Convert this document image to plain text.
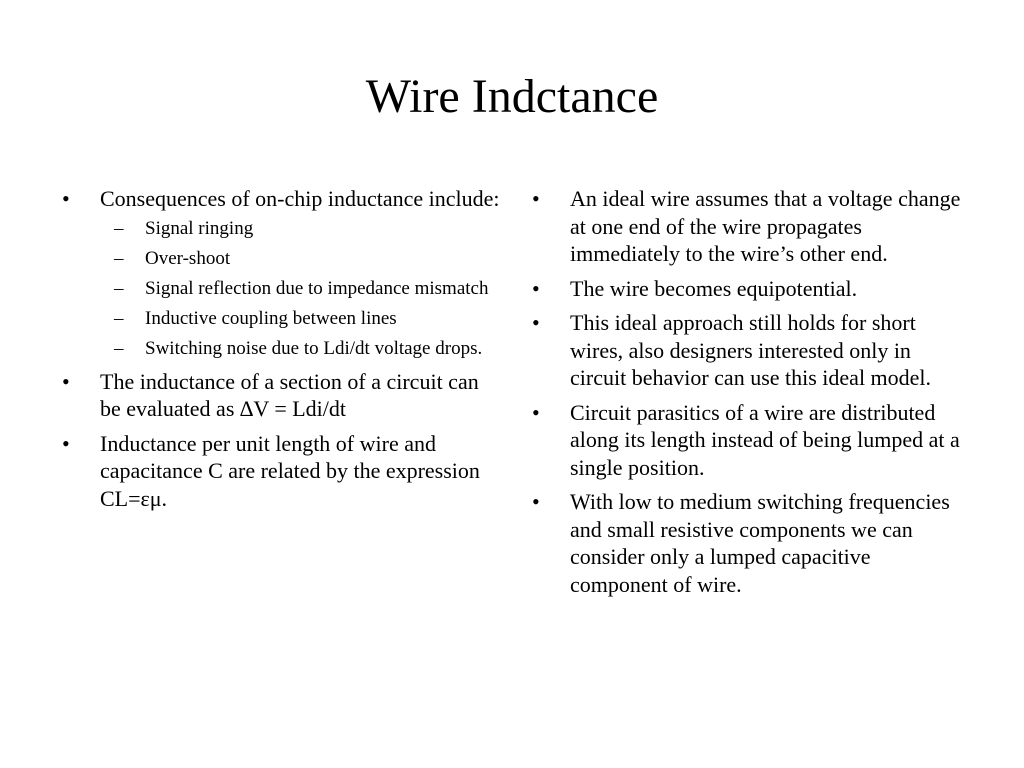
Wire Indctance
•	Consequences of on-chip inductance include:
– Signal ringing
– Over-shoot
– Signal reflection due to impedance mismatch
– Inductive coupling between lines
– Switching noise due to Ldi/dt voltage drops.
•	The inductance of a section of a circuit can be evaluated as ∆V = Ldi/dt
•	Inductance per unit length of wire and capacitance C are related by the expression CL=εμ.
•	An ideal wire assumes that a voltage change at one end of the wire propagates immediately to the wire’s other end.
•	The wire becomes equipotential.
•	This ideal approach still holds for short wires, also designers interested only in circuit behavior can use this ideal model.
•	Circuit parasitics of a wire are distributed along its length instead of being lumped at a single position.
•	With low to medium switching frequencies and small resistive components we can consider only a lumped capacitive component of wire.
